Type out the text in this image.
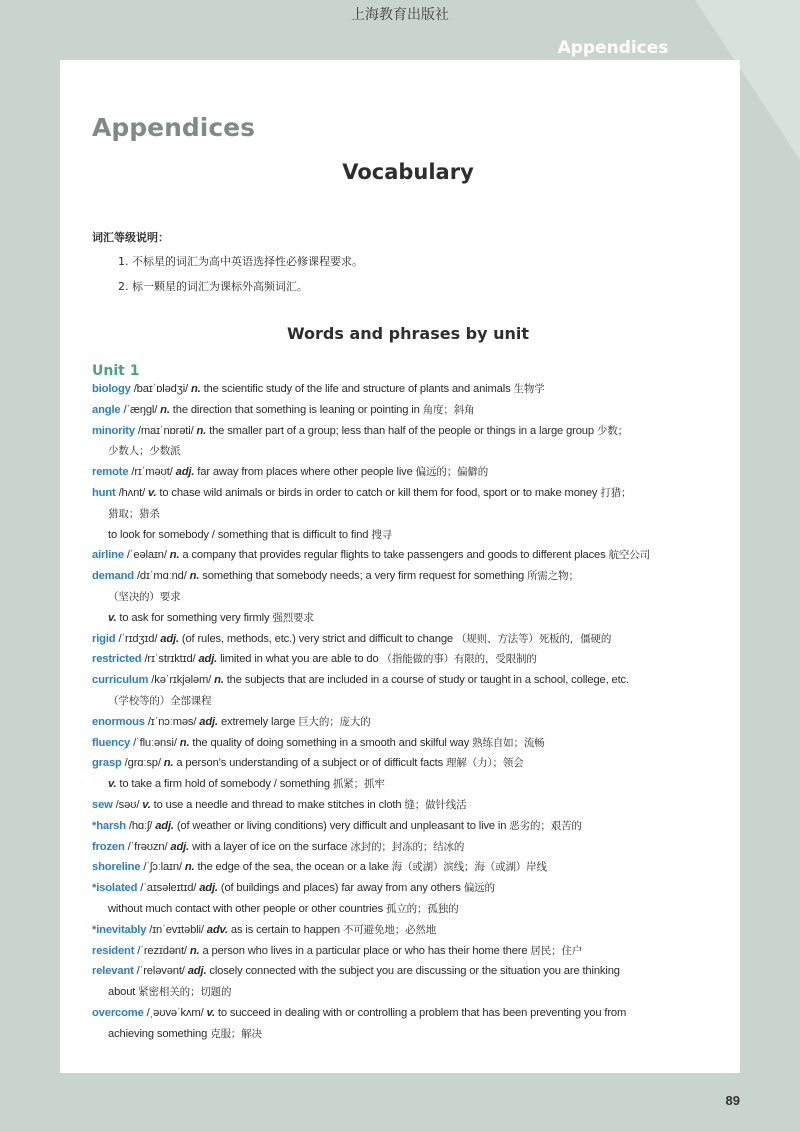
上海教育出版社
Appendices
Appendices
Vocabulary
词汇等级说明：
1. 不标星的词汇为高中英语选择性必修课程要求。
2. 标一颗星的词汇为课标外高频词汇。
Words and phrases by unit
Unit 1
biology /baɪˈɒlədʒi/ n. the scientific study of the life and structure of plants and animals 生物学
angle /ˈæŋgl/ n. the direction that something is leaning or pointing in 角度；斜角
minority /maɪˈnɒrəti/ n. the smaller part of a group; less than half of the people or things in a large group 少数；
少数人；少数派
remote /rɪˈməʊt/ adj. far away from places where other people live 偏远的；偏僻的
hunt /hʌnt/ v. to chase wild animals or birds in order to catch or kill them for food, sport or to make money 打猎；
猎取；猎杀
to look for somebody / something that is difficult to find 搜寻
airline /ˈeəlaɪn/ n. a company that provides regular flights to take passengers and goods to different places 航空公司
demand /dɪˈmɑːnd/ n. something that somebody needs; a very firm request for something 所需之物；
（坚决的）要求
v. to ask for something very firmly 强烈要求
rigid /ˈrɪdʒɪd/ adj. (of rules, methods, etc.) very strict and difficult to change （规则、方法等）死板的，僵硬的
restricted /rɪˈstrɪktɪd/ adj. limited in what you are able to do （指能做的事）有限的，受限制的
curriculum /kəˈrɪkjələm/ n. the subjects that are included in a course of study or taught in a school, college, etc.
（学校等的）全部课程
enormous /ɪˈnɔːməs/ adj. extremely large 巨大的；庞大的
fluency /ˈfluːənsi/ n. the quality of doing something in a smooth and skilful way 熟练自如；流畅
grasp /grɑːsp/ n. a person's understanding of a subject or of difficult facts 理解（力）；领会
v. to take a firm hold of somebody / something 抓紧；抓牢
sew /səʊ/ v. to use a needle and thread to make stitches in cloth 缝；做针线活
*harsh /hɑːʃ/ adj. (of weather or living conditions) very difficult and unpleasant to live in 恶劣的；艰苦的
frozen /ˈfrəʊzn/ adj. with a layer of ice on the surface 冰封的；封冻的；结冰的
shoreline /ˈʃɔːlaɪn/ n. the edge of the sea, the ocean or a lake 海（或湖）滨线；海（或湖）岸线
*isolated /ˈaɪsəleɪtɪd/ adj. (of buildings and places) far away from any others 偏远的
without much contact with other people or other countries 孤立的；孤独的
*inevitably /ɪnˈevɪtəbli/ adv. as is certain to happen 不可避免地；必然地
resident /ˈrezɪdənt/ n. a person who lives in a particular place or who has their home there 居民；住户
relevant /ˈreləvənt/ adj. closely connected with the subject you are discussing or the situation you are thinking
about 紧密相关的；切题的
overcome /ˌəʊvəˈkʌm/ v. to succeed in dealing with or controlling a problem that has been preventing you from
achieving something 克服；解决
89
